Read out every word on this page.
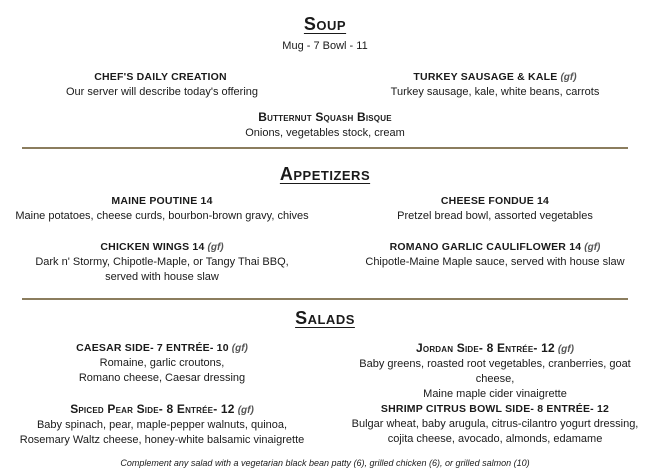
Soup
Mug - 7 Bowl - 11
CHEF'S DAILY CREATION
Our server will describe today's offering
TURKEY SAUSAGE & KALE (gf)
Turkey sausage, kale, white beans, carrots
Butternut Squash Bisque
Onions, vegetables stock, cream
Appetizers
MAINE POUTINE 14
Maine potatoes, cheese curds, bourbon-brown gravy, chives
CHEESE FONDUE 14
Pretzel bread bowl, assorted vegetables
CHICKEN WINGS 14 (gf)
Dark n' Stormy, Chipotle-Maple, or Tangy Thai BBQ,
served with house slaw
ROMANO GARLIC CAULIFLOWER 14 (gf)
Chipotle-Maine Maple sauce, served with house slaw
Salads
CAESAR SIDE- 7 ENTRÉE- 10 (gf)
Romaine, garlic croutons,
Romano cheese, Caesar dressing
Jordan Side- 8 Entrée- 12 (gf)
Baby greens, roasted root vegetables, cranberries, goat cheese,
Maine maple cider vinaigrette
Spiced Pear Side- 8 Entrée- 12 (gf)
Baby spinach, pear, maple-pepper walnuts, quinoa,
Rosemary Waltz cheese, honey-white balsamic vinaigrette
SHRIMP CITRUS BOWL SIDE- 8 ENTRÉE- 12
Bulgar wheat, baby arugula, citrus-cilantro yogurt dressing,
cojita cheese, avocado, almonds, edamame
Complement any salad with a vegetarian black bean patty (6), grilled chicken (6), or grilled salmon (10)
